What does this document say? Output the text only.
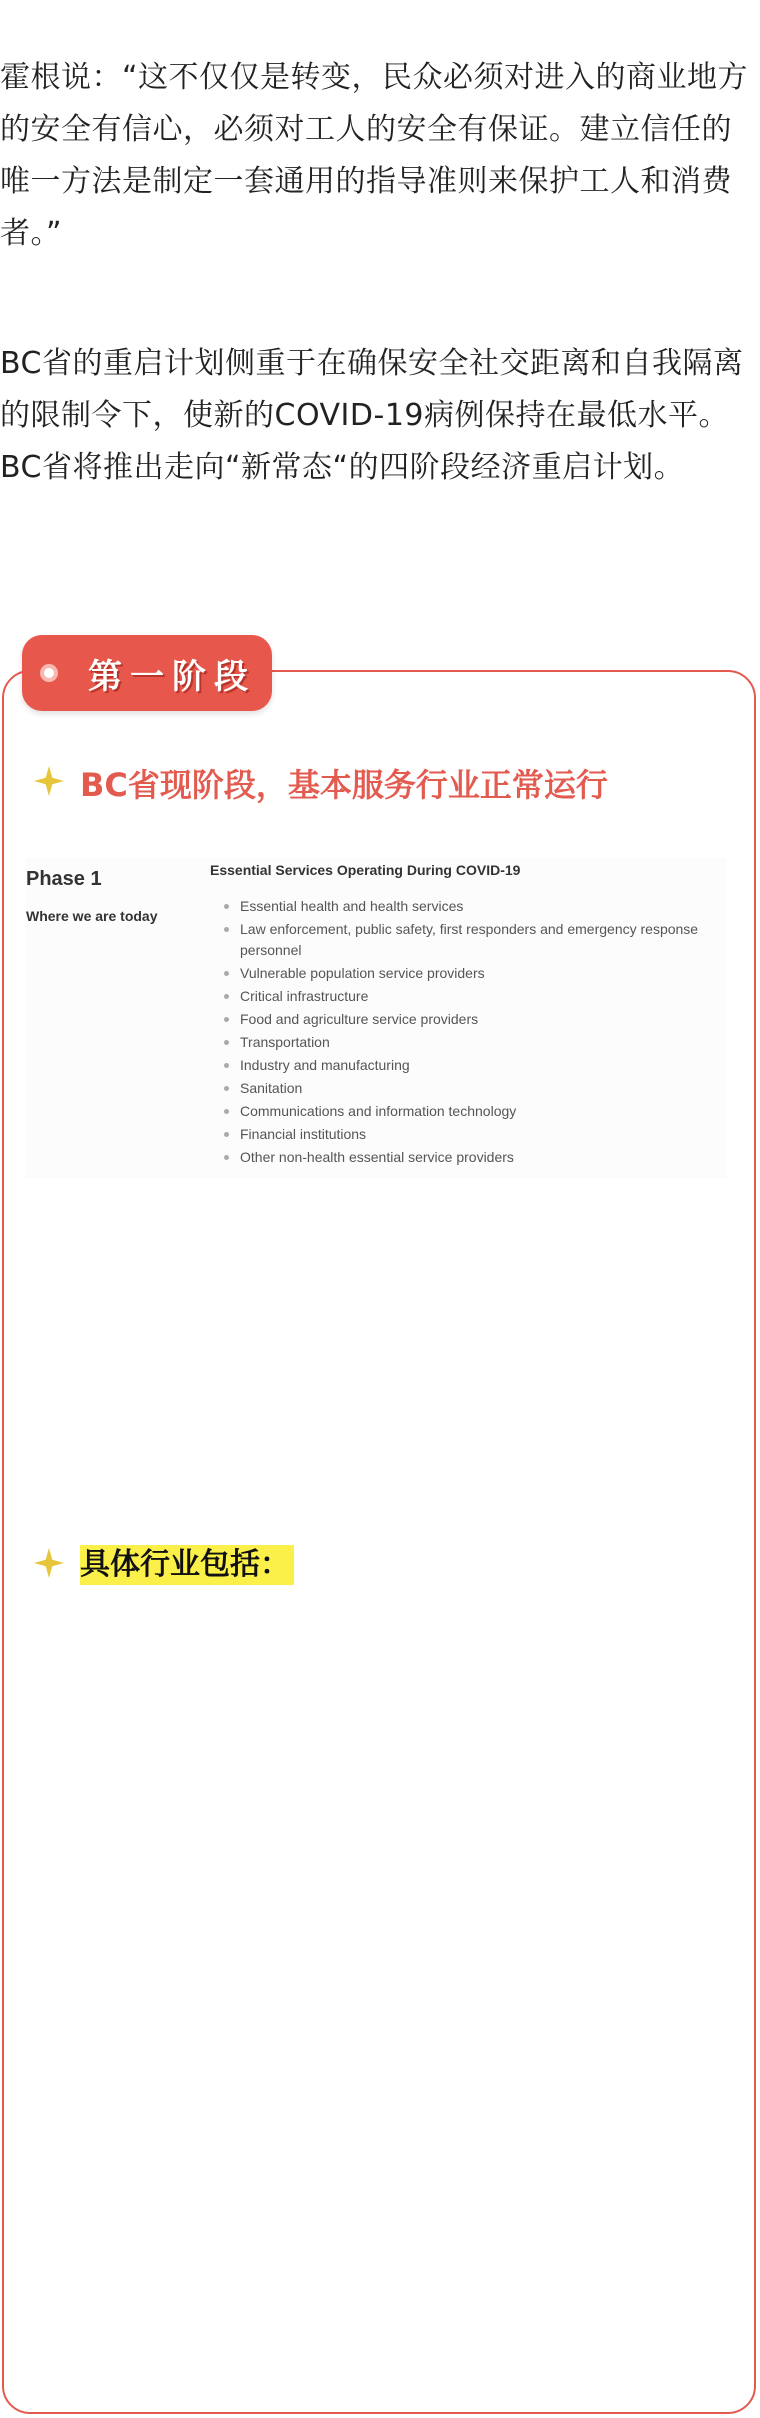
霍根说：“这不仅仅是转变，民众必须对进入的商业地方的安全有信心，必须对工人的安全有保证。建立信任的唯一方法是制定一套通用的指导准则来保护工人和消费者。”

BC省的重启计划侧重于在确保安全社交距离和自我隔离的限制令下，使新的COVID-19病例保持在最低水平。BC省将推出走向“新常态“的四阶段经济重启计划。

第一阶段
BC省现阶段，基本服务行业正常运行
Phase 1
Where we are today
Essential Services Operating During COVID-19
Essential health and health services
Law enforcement, public safety, first responders and emergency response personnel
Vulnerable population service providers
Critical infrastructure
Food and agriculture service providers
Transportation
Industry and manufacturing
Sanitation
Communications and information technology
Financial institutions
Other non-health essential service providers
具体行业包括：
